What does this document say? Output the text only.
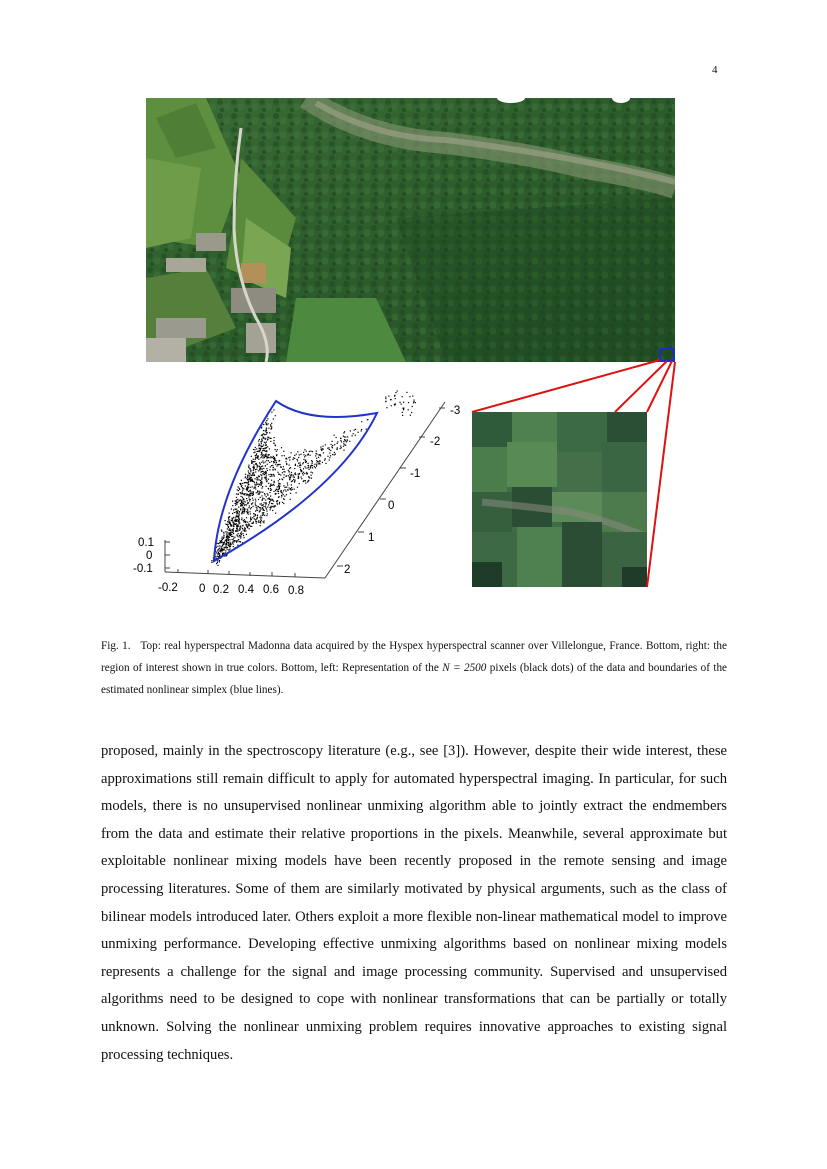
4
0.1
0
-0.1
-0.2 0 0.2 0.4 0.6 0.8
-3
-2
-1
0
1
2
Fig. 1. Top: real hyperspectral Madonna data acquired by the Hyspex hyperspectral scanner over Villelongue, France. Bottom, right: the region of interest shown in true colors. Bottom, left: Representation of the N = 2500 pixels (black dots) of the data and boundaries of the estimated nonlinear simplex (blue lines).

proposed, mainly in the spectroscopy literature (e.g., see [3]). However, despite their wide interest, these approximations still remain difficult to apply for automated hyperspectral imaging. In particular, for such models, there is no unsupervised nonlinear unmixing algorithm able to jointly extract the endmembers from the data and estimate their relative proportions in the pixels. Meanwhile, several approximate but exploitable nonlinear mixing models have been recently proposed in the remote sensing and image processing literatures. Some of them are similarly motivated by physical arguments, such as the class of bilinear models introduced later. Others exploit a more flexible non-linear mathematical model to improve unmixing performance. Developing effective unmixing algorithms based on nonlinear mixing models represents a challenge for the signal and image processing community. Supervised and unsupervised algorithms need to be designed to cope with nonlinear transformations that can be partially or totally unknown. Solving the nonlinear unmixing problem requires innovative approaches to existing signal processing techniques.
